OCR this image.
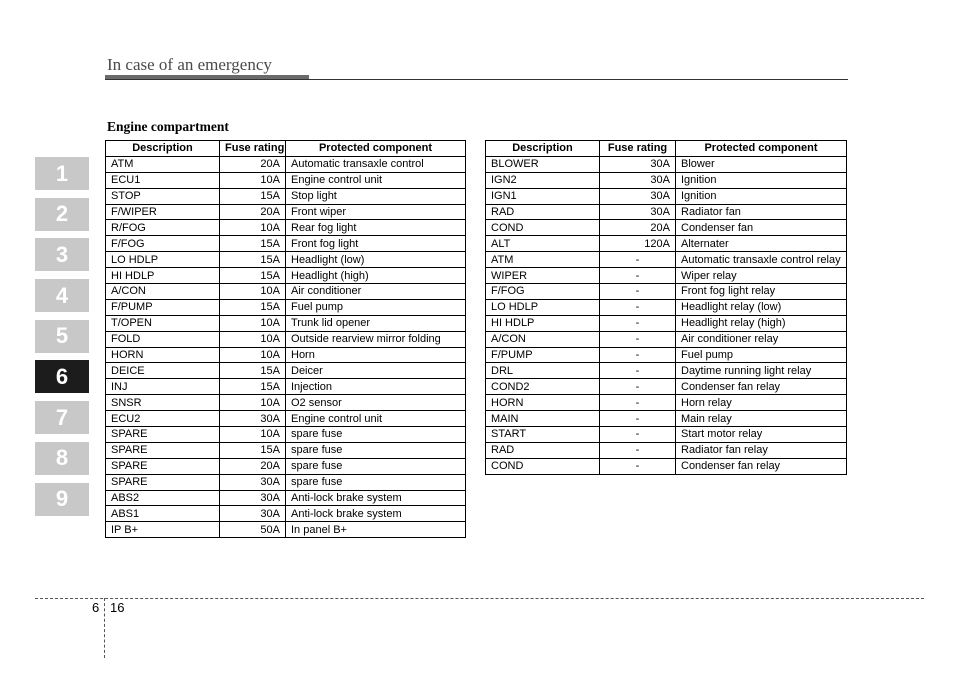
In case of an emergency
Engine compartment
1
2
3
4
5
6
7
8
9
Description	Fuse rating	Protected component
ATM	20A	Automatic transaxle control
ECU1	10A	Engine control unit
STOP	15A	Stop light
F/WIPER	20A	Front wiper
R/FOG	10A	Rear fog light
F/FOG	15A	Front fog light
LO HDLP	15A	Headlight (low)
HI HDLP	15A	Headlight (high)
A/CON	10A	Air conditioner
F/PUMP	15A	Fuel pump
T/OPEN	10A	Trunk lid opener
FOLD	10A	Outside rearview mirror folding
HORN	10A	Horn
DEICE	15A	Deicer
INJ	15A	Injection
SNSR	10A	O2 sensor
ECU2	30A	Engine control unit
SPARE	10A	spare fuse
SPARE	15A	spare fuse
SPARE	20A	spare fuse
SPARE	30A	spare fuse
ABS2	30A	Anti-lock brake system
ABS1	30A	Anti-lock brake system
IP B+	50A	In panel B+
Description	Fuse rating	Protected component
BLOWER	30A	Blower
IGN2	30A	Ignition
IGN1	30A	Ignition
RAD	30A	Radiator fan
COND	20A	Condenser fan
ALT	120A	Alternater
ATM	-	Automatic transaxle control relay
WIPER	-	Wiper relay
F/FOG	-	Front fog light relay
LO HDLP	-	Headlight relay (low)
HI HDLP	-	Headlight relay (high)
A/CON	-	Air conditioner relay
F/PUMP	-	Fuel pump
DRL	-	Daytime running light relay
COND2	-	Condenser fan relay
HORN	-	Horn relay
MAIN	-	Main relay
START	-	Start motor relay
RAD	-	Radiator fan relay
COND	-	Condenser fan relay
6 16
